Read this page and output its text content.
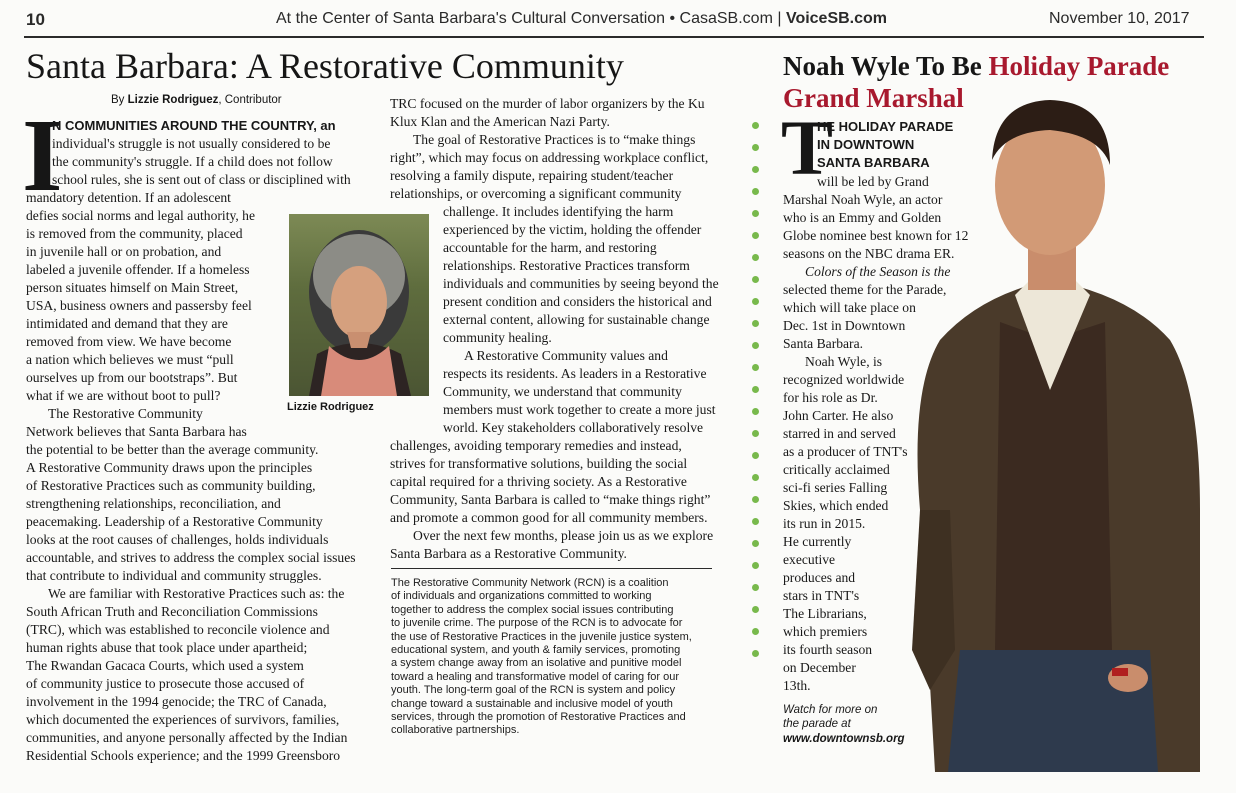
10	At the Center of Santa Barbara's Cultural Conversation • CasaSB.com | VoiceSB.com	November 10, 2017
Santa Barbara: A Restorative Community
By Lizzie Rodriguez, Contributor
I
N COMMUNITIES AROUND THE COUNTRY, an
individual's struggle is not usually considered to be
the community's struggle. If a child does not follow
school rules, she is sent out of class or disciplined with
mandatory detention. If an adolescent
defies social norms and legal authority, he
is removed from the community, placed
in juvenile hall or on probation, and
labeled a juvenile offender. If a homeless
person situates himself on Main Street,
USA, business owners and passersby feel
intimidated and demand that they are
removed from view. We have become
a nation which believes we must “pull
ourselves up from our bootstraps”. But
what if we are without boot to pull?
The Restorative Community
Network believes that Santa Barbara has
the potential to be better than the average community.
A Restorative Community draws upon the principles
of Restorative Practices such as community building,
strengthening relationships, reconciliation, and
peacemaking. Leadership of a Restorative Community
looks at the root causes of challenges, holds individuals
accountable, and strives to address the complex social issues
that contribute to individual and community struggles.
We are familiar with Restorative Practices such as: the
South African Truth and Reconciliation Commissions
(TRC), which was established to reconcile violence and
human rights abuse that took place under apartheid;
The Rwandan Gacaca Courts, which used a system
of community justice to prosecute those accused of
involvement in the 1994 genocide; the TRC of Canada,
which documented the experiences of survivors, families,
communities, and anyone personally affected by the Indian
Residential Schools experience; and the 1999 Greensboro
TRC focused on the murder of labor organizers by the Ku
Klux Klan and the American Nazi Party.
The goal of Restorative Practices is to “make things
right”, which may focus on addressing workplace conflict,
resolving a family dispute, repairing student/teacher
relationships, or overcoming a significant community
challenge. It includes identifying the harm
experienced by the victim, holding the offender
accountable for the harm, and restoring
relationships. Restorative Practices transform
individuals and communities by seeing beyond the
present condition and considers the historical and
external content, allowing for sustainable change
community healing.
A Restorative Community values and
respects its residents. As leaders in a Restorative
Community, we understand that community
members must work together to create a more just
world. Key stakeholders collaboratively resolve
challenges, avoiding temporary remedies and instead,
strives for transformative solutions, building the social
capital required for a thriving society. As a Restorative
Community, Santa Barbara is called to “make things right”
and promote a common good for all community members.
Over the next few months, please join us as we explore
Santa Barbara as a Restorative Community.
Lizzie Rodriguez
The Restorative Community Network (RCN) is a coalition
of individuals and organizations committed to working
together to address the complex social issues contributing
to juvenile crime. The purpose of the RCN is to advocate for
the use of Restorative Practices in the juvenile justice system,
educational system, and youth & family services, promoting
a system change away from an isolative and punitive model
toward a healing and transformative model of caring for our
youth. The long-term goal of the RCN is system and policy
change toward a sustainable and inclusive model of youth
services, through the promotion of Restorative Practices and
collaborative partnerships.
Noah Wyle To Be Holiday Parade
Grand Marshal
T
HE HOLIDAY PARADE
IN DOWNTOWN
SANTA BARBARA
will be led by Grand
Marshal Noah Wyle, an actor
who is an Emmy and Golden
Globe nominee best known for 12
seasons on the NBC drama ER.
Colors of the Season is the
selected theme for the Parade,
which will take place on
Dec. 1st in Downtown
Santa Barbara.
Noah Wyle, is
recognized worldwide
for his role as Dr.
John Carter. He also
starred in and served
as a producer of TNT's
critically acclaimed
sci-fi series Falling
Skies, which ended
its run in 2015.
He currently
executive
produces and
stars in TNT's
The Librarians,
which premiers
its fourth season
on December
13th.
Watch for more on
the parade at
www.downtownsb.org
